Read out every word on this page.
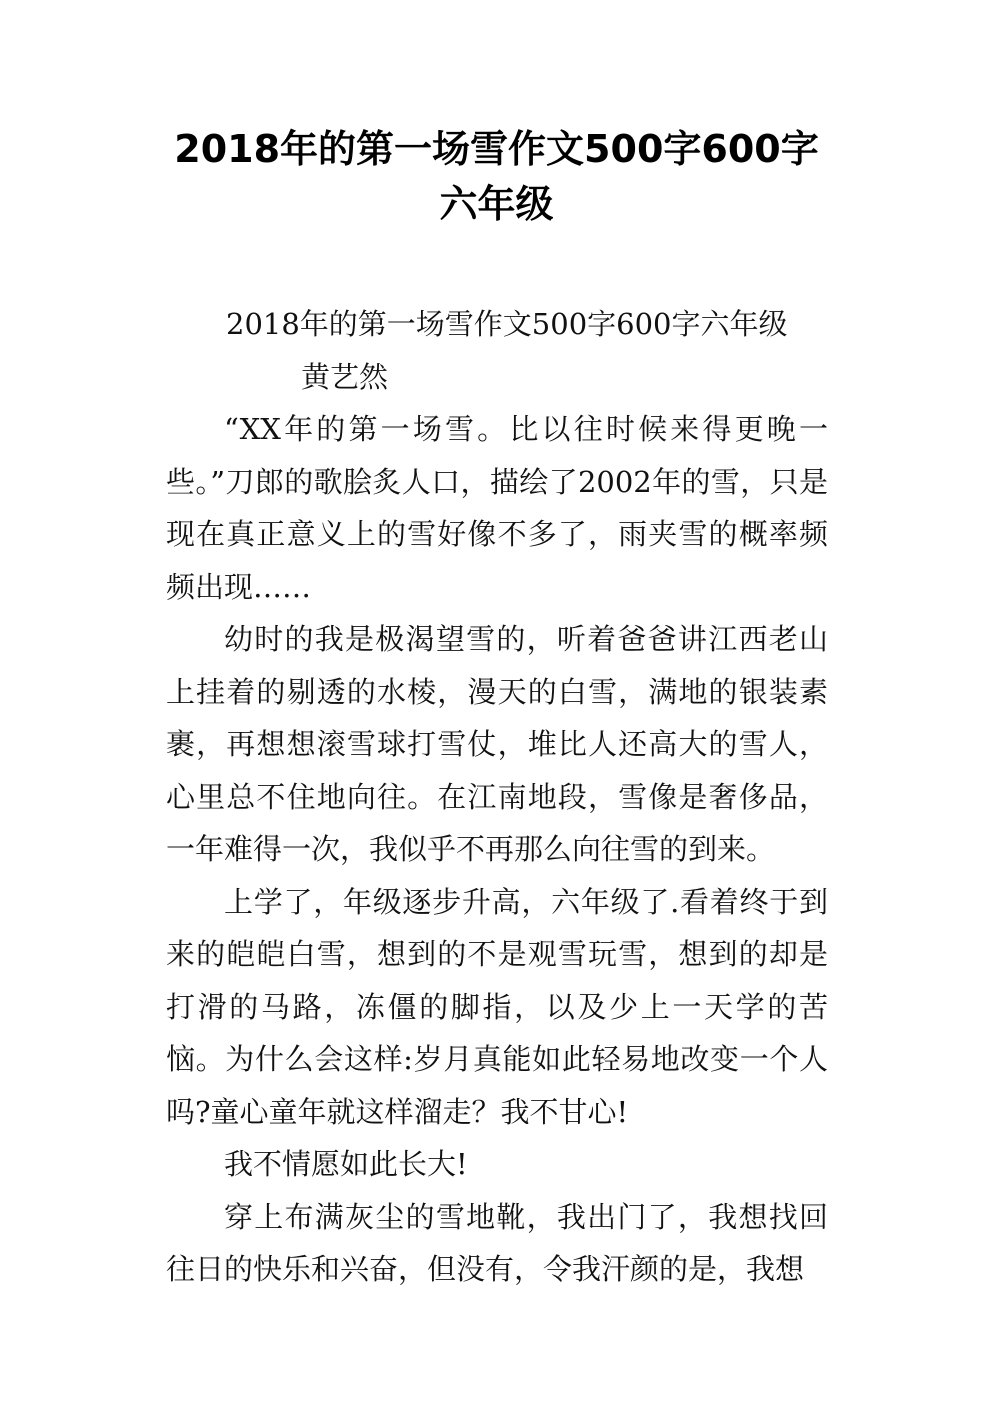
2018年的第一场雪作文500字600字
六年级

2018年的第一场雪作文500字600字六年级

黄艺然

“XX年的第一场雪。比以往时候来得更晚一些。”刀郎的歌脍炙人口，描绘了2002年的雪，只是现在真正意义上的雪好像不多了，雨夹雪的概率频频出现……

幼时的我是极渴望雪的，听着爸爸讲江西老山上挂着的剔透的水棱，漫天的白雪，满地的银装素裹，再想想滚雪球打雪仗，堆比人还高大的雪人，心里总不住地向往。在江南地段，雪像是奢侈品，一年难得一次，我似乎不再那么向往雪的到来。

上学了，年级逐步升高，六年级了.看着终于到来的皑皑白雪，想到的不是观雪玩雪，想到的却是打滑的马路，冻僵的脚指，以及少上一天学的苦恼。为什么会这样:岁月真能如此轻易地改变一个人吗?童心童年就这样溜走？我不甘心!

我不情愿如此长大!

穿上布满灰尘的雪地靴，我出门了，我想找回往日的快乐和兴奋，但没有，令我汗颜的是，我想
